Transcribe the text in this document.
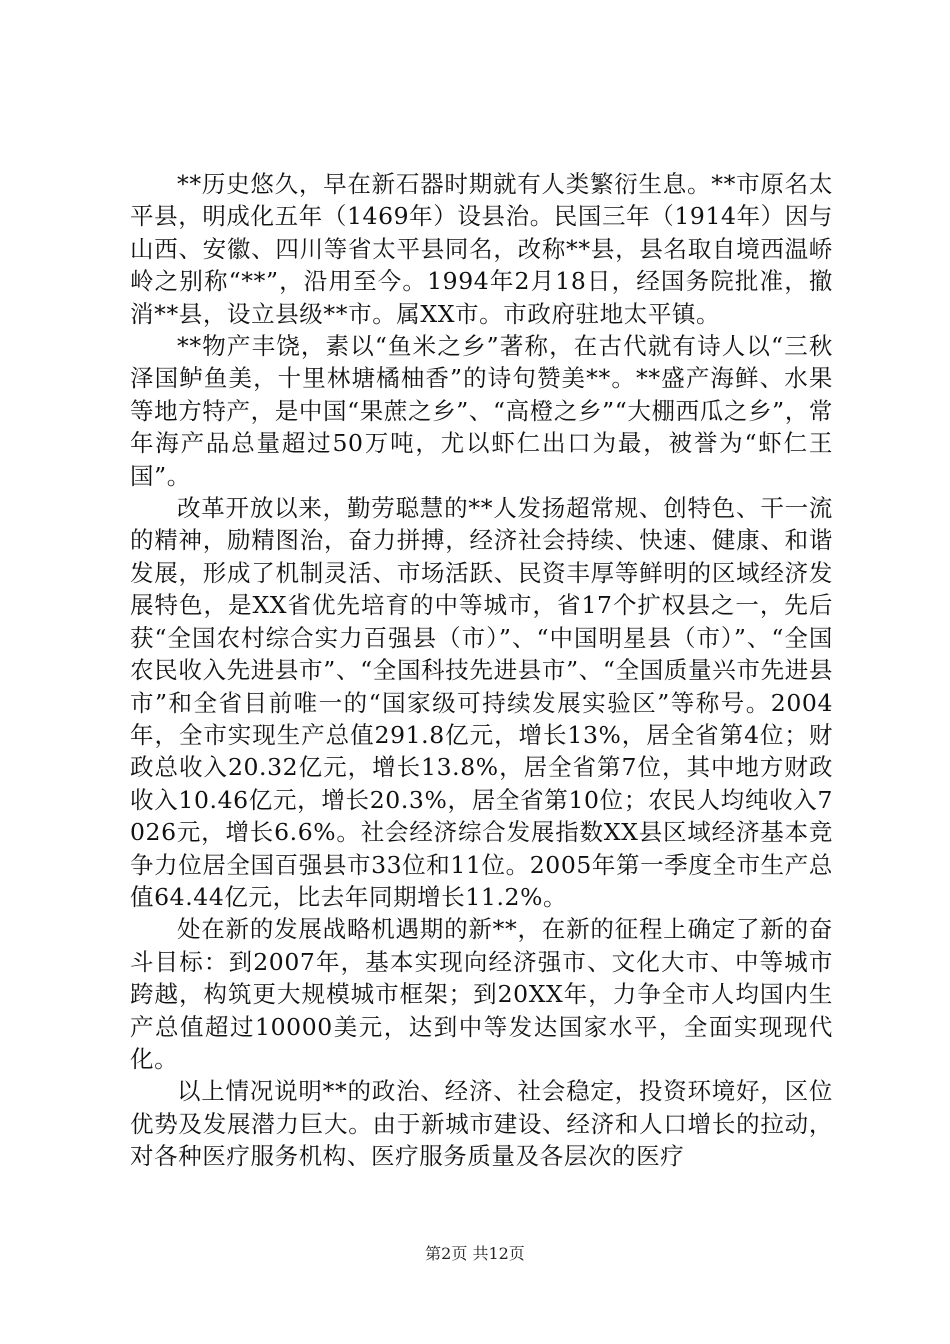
**历史悠久，早在新石器时期就有人类繁衍生息。**市原名太平县，明成化五年（1469年）设县治。民国三年（1914年）因与山西、安徽、四川等省太平县同名，改称**县，县名取自境西温峤岭之别称“**”，沿用至今。1994年2月18日，经国务院批准，撤消**县，设立县级**市。属XX市。市政府驻地太平镇。

**物产丰饶，素以“鱼米之乡”著称，在古代就有诗人以“三秋泽国鲈鱼美，十里林塘橘柚香”的诗句赞美**。**盛产海鲜、水果等地方特产，是中国“果蔗之乡”、“高橙之乡”“大棚西瓜之乡”，常年海产品总量超过50万吨，尤以虾仁出口为最，被誉为“虾仁王国”。

改革开放以来，勤劳聪慧的**人发扬超常规、创特色、干一流的精神，励精图治，奋力拼搏，经济社会持续、快速、健康、和谐发展，形成了机制灵活、市场活跃、民资丰厚等鲜明的区域经济发展特色，是XX省优先培育的中等城市，省17个扩权县之一，先后获“全国农村综合实力百强县（市）”、“中国明星县（市）”、“全国农民收入先进县市”、“全国科技先进县市”、“全国质量兴市先进县市”和全省目前唯一的“国家级可持续发展实验区”等称号。2004年，全市实现生产总值291.8亿元，增长13%，居全省第4位；财政总收入20.32亿元，增长13.8%，居全省第7位，其中地方财政收入10.46亿元，增长20.3%，居全省第10位；农民人均纯收入7026元，增长6.6%。社会经济综合发展指数XX县区域经济基本竞争力位居全国百强县市33位和11位。2005年第一季度全市生产总值64.44亿元，比去年同期增长11.2%。

处在新的发展战略机遇期的新**，在新的征程上确定了新的奋斗目标：到2007年，基本实现向经济强市、文化大市、中等城市跨越，构筑更大规模城市框架；到20XX年，力争全市人均国内生产总值超过10000美元，达到中等发达国家水平，全面实现现代化。

以上情况说明**的政治、经济、社会稳定，投资环境好，区位优势及发展潜力巨大。由于新城市建设、经济和人口增长的拉动，对各种医疗服务机构、医疗服务质量及各层次的医疗

第2页 共12页
